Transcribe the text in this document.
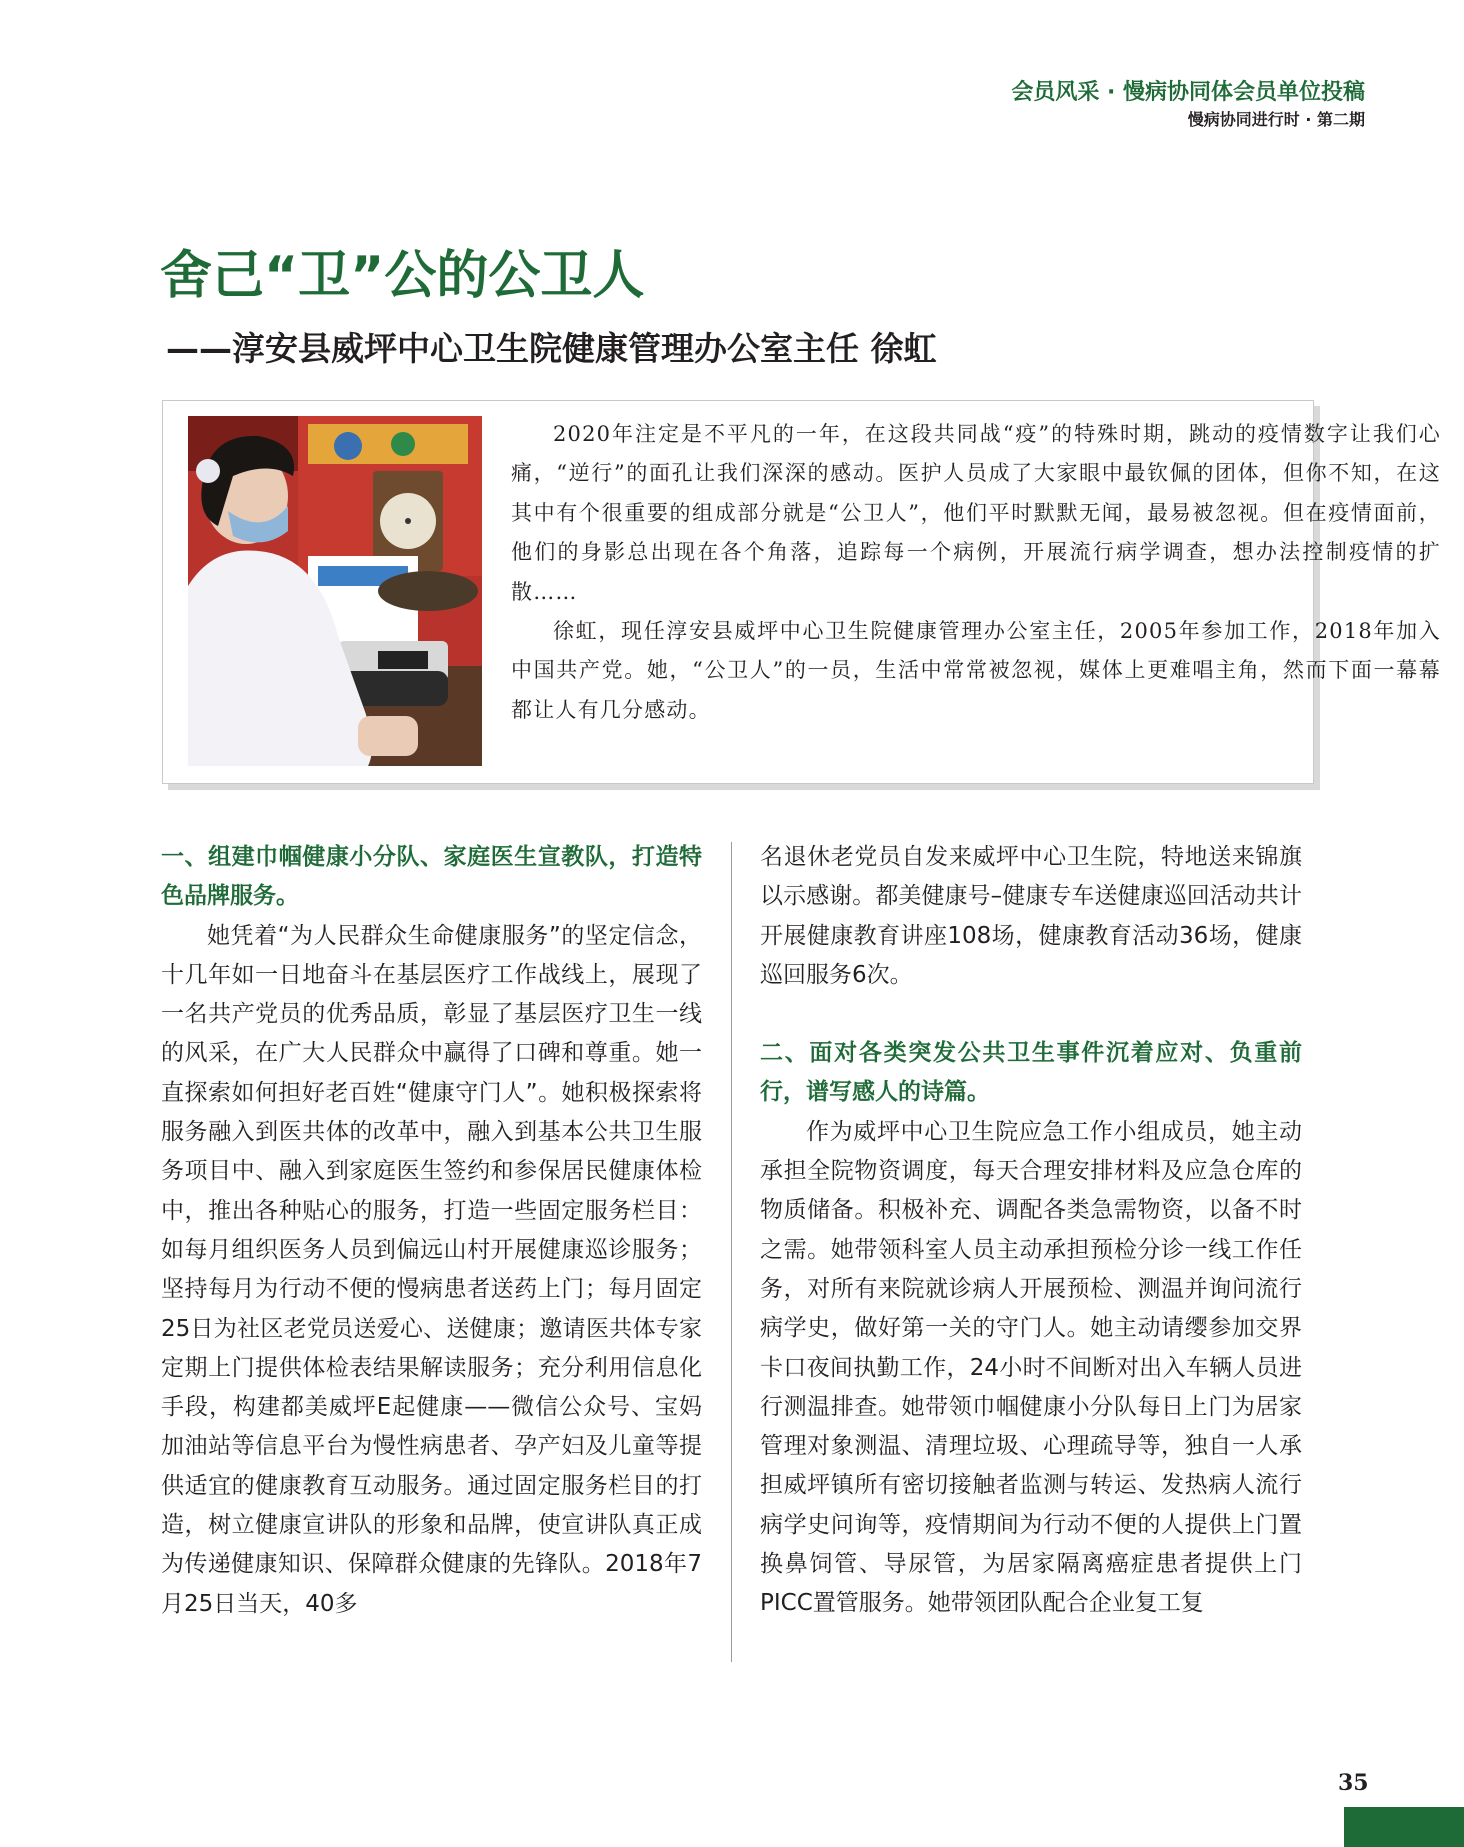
会员风采 · 慢病协同体会员单位投稿
慢病协同进行时 · 第二期
舍己“卫”公的公卫人
——淳安县威坪中心卫生院健康管理办公室主任 徐虹

2020年注定是不平凡的一年，在这段共同战“疫”的特殊时期，跳动的疫情数字让我们心痛，“逆行”的面孔让我们深深的感动。医护人员成了大家眼中最钦佩的团体，但你不知，在这其中有个很重要的组成部分就是“公卫人”，他们平时默默无闻，最易被忽视。但在疫情面前，他们的身影总出现在各个角落，追踪每一个病例，开展流行病学调查，想办法控制疫情的扩散……

徐虹，现任淳安县威坪中心卫生院健康管理办公室主任，2005年参加工作，2018年加入中国共产党。她，“公卫人”的一员，生活中常常被忽视，媒体上更难唱主角，然而下面一幕幕都让人有几分感动。

一、组建巾帼健康小分队、家庭医生宣教队，打造特色品牌服务。

她凭着“为人民群众生命健康服务”的坚定信念，十几年如一日地奋斗在基层医疗工作战线上，展现了一名共产党员的优秀品质，彰显了基层医疗卫生一线的风采，在广大人民群众中赢得了口碑和尊重。她一直探索如何担好老百姓“健康守门人”。她积极探索将服务融入到医共体的改革中，融入到基本公共卫生服务项目中、融入到家庭医生签约和参保居民健康体检中，推出各种贴心的服务，打造一些固定服务栏目：如每月组织医务人员到偏远山村开展健康巡诊服务；坚持每月为行动不便的慢病患者送药上门；每月固定25日为社区老党员送爱心、送健康；邀请医共体专家定期上门提供体检表结果解读服务；充分利用信息化手段，构建都美威坪E起健康——微信公众号、宝妈加油站等信息平台为慢性病患者、孕产妇及儿童等提供适宜的健康教育互动服务。通过固定服务栏目的打造，树立健康宣讲队的形象和品牌，使宣讲队真正成为传递健康知识、保障群众健康的先锋队。2018年7月25日当天，40多

名退休老党员自发来威坪中心卫生院，特地送来锦旗以示感谢。都美健康号–健康专车送健康巡回活动共计开展健康教育讲座108场，健康教育活动36场，健康巡回服务6次。

二、面对各类突发公共卫生事件沉着应对、负重前行，谱写感人的诗篇。

作为威坪中心卫生院应急工作小组成员，她主动承担全院物资调度，每天合理安排材料及应急仓库的物质储备。积极补充、调配各类急需物资，以备不时之需。她带领科室人员主动承担预检分诊一线工作任务，对所有来院就诊病人开展预检、测温并询问流行病学史，做好第一关的守门人。她主动请缨参加交界卡口夜间执勤工作，24小时不间断对出入车辆人员进行测温排查。她带领巾帼健康小分队每日上门为居家管理对象测温、清理垃圾、心理疏导等，独自一人承担威坪镇所有密切接触者监测与转运、发热病人流行病学史问询等，疫情期间为行动不便的人提供上门置换鼻饲管、导尿管，为居家隔离癌症患者提供上门PICC置管服务。她带领团队配合企业复工复

35
